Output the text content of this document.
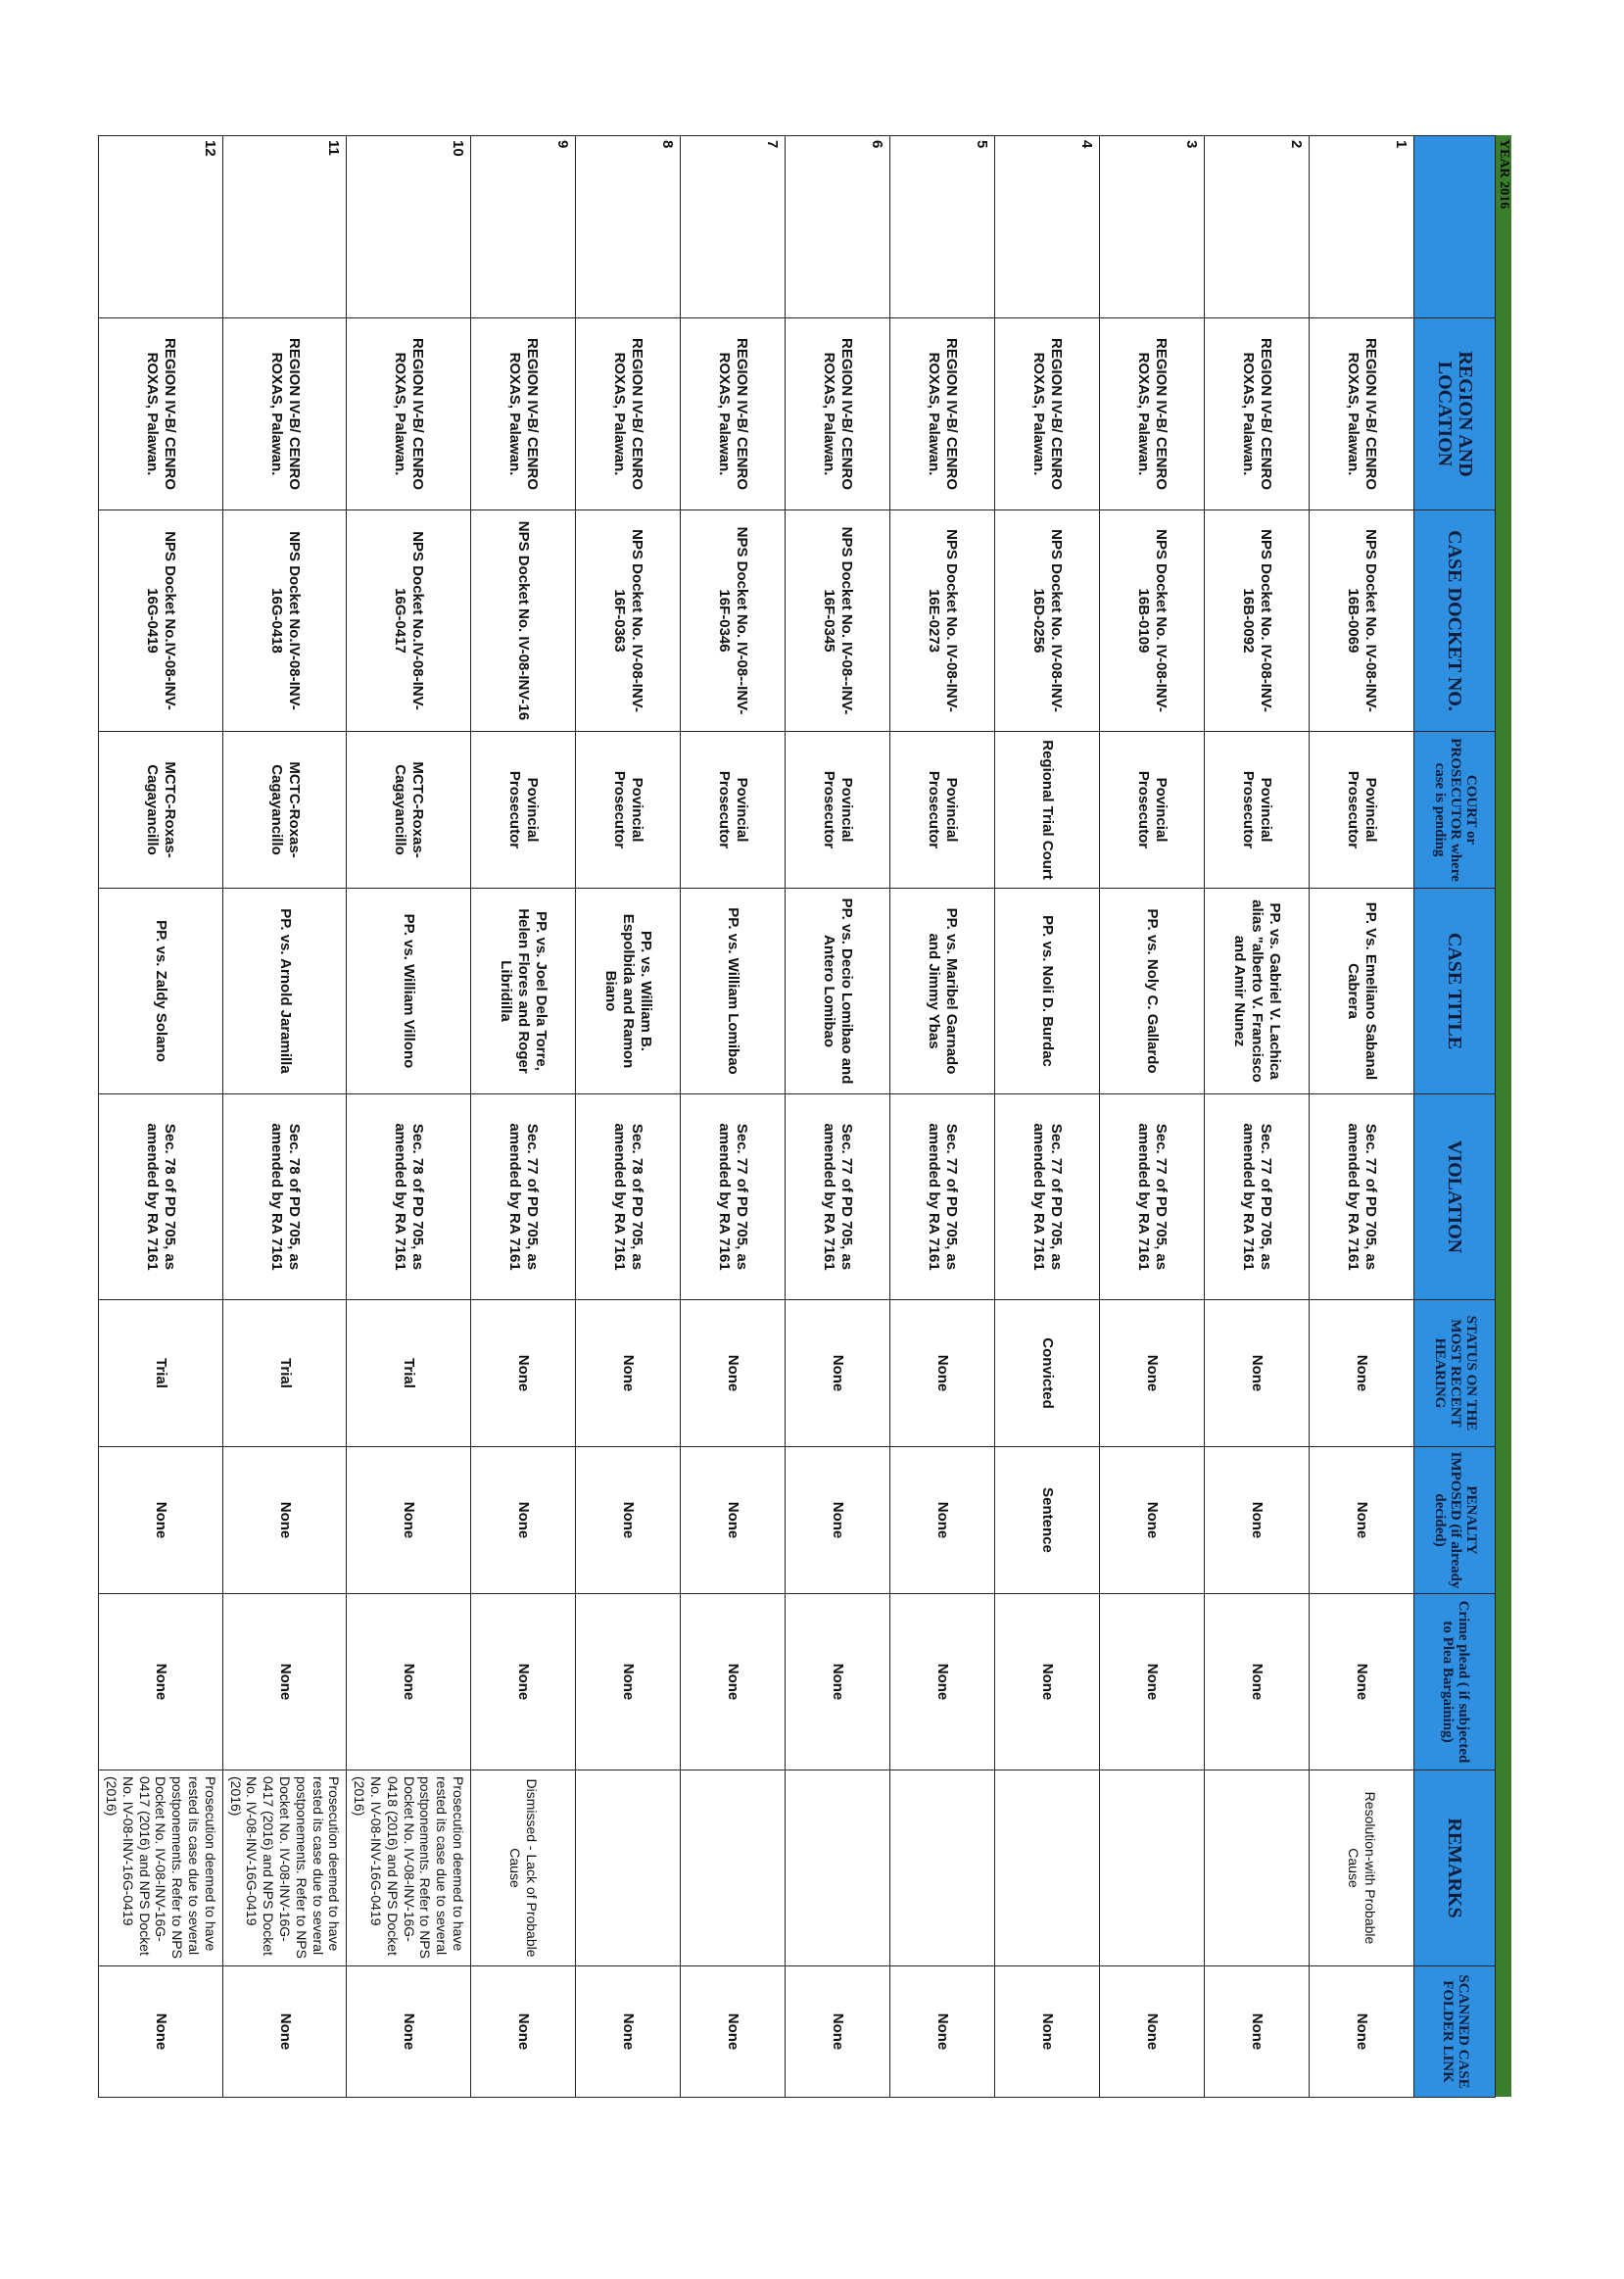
YEAR 2016
	REGION AND LOCATION	CASE DOCKET NO.	COURT or PROSECUTOR where case is pending	CASE TITLE	VIOLATION	STATUS ON THE MOST RECENT HEARING	PENALTY IMPOSED (if already decided)	Crime plead ( if subjected to Plea Bargaining)	REMARKS	SCANNED CASE FOLDER LINK
1	REGION IV-B/ CENRO ROXAS, Palawan.	NPS Docket No. IV-08-INV-16B-0069	Povincial Prosecutor	PP. Vs. Emeliano Sabanal Cabrera	Sec. 77 of PD 705, as amended by RA 7161	None	None	None	Resolution-with Probable Cause	None
2	REGION IV-B/ CENRO ROXAS, Palawan.	NPS Docket No. IV-08-INV-16B-0092	Povincial Prosecutor	PP. vs. Gabriel V. Lachica alias "alberto V. Francisco and Amir Nunez	Sec. 77 of PD 705, as amended by RA 7161	None	None	None		None
3	REGION IV-B/ CENRO ROXAS, Palawan.	NPS Docket No. IV-08-INV-16B-0109	Povincial Prosecutor	PP. vs. Noly C. Gallardo	Sec. 77 of PD 705, as amended by RA 7161	None	None	None		None
4	REGION IV-B/ CENRO ROXAS, Palawan.	NPS Docket No. IV-08-INV-16D-0256	Regional Trial Court	PP. vs. Noli D. Burdac	Sec. 77 of PD 705, as amended by RA 7161	Convicted	Sentence	None		None
5	REGION IV-B/ CENRO ROXAS, Palawan.	NPS Docket No. IV-08-INV-16E-0273	Povincial Prosecutor	PP. vs. Maribel Garnado and Jimmy Ybas	Sec. 77 of PD 705, as amended by RA 7161	None	None	None		None
6	REGION IV-B/ CENRO ROXAS, Palawan.	NPS Docket No. IV-08--INV-16F-0345	Povincial Prosecutor	PP. vs. Decio Lomibao and Antero Lomibao	Sec. 77 of PD 705, as amended by RA 7161	None	None	None		None
7	REGION IV-B/ CENRO ROXAS, Palawan.	NPS Docket No. IV-08--INV-16F-0346	Povincial Prosecutor	PP. vs. William Lomibao	Sec. 77 of PD 705, as amended by RA 7161	None	None	None		None
8	REGION IV-B/ CENRO ROXAS, Palawan.	NPS Docket No. IV-08-INV-16F-0363	Povincial Prosecutor	PP. vs. William B. Espolbida and Ramon Biano	Sec. 78 of PD 705, as amended by RA 7161	None	None	None		None
9	REGION IV-B/ CENRO ROXAS, Palawan.	NPS Docket No. IV-08-INV-16	Povincial Prosecutor	PP. vs. Joel Dela Torre, Helen Flores and Roger Libridilla	Sec. 77 of PD 705, as amended by RA 7161	None	None	None	Dismissed - Lack of Probable Cause	None
10	REGION IV-B/ CENRO ROXAS, Palawan.	NPS Docket No.IV-08-INV-16G-0417	MCTC-Roxas-Cagayancillo	PP. vs. William Villono	Sec. 78 of PD 705, as amended by RA 7161	Trial	None	None	Prosecution deemed to have rested its case due to several postponements. Refer to NPS Docket No. IV-08-INV-16G-0418 (2016) and NPS Docket No. IV-08-INV-16G-0419 (2016)	None
11	REGION IV-B/ CENRO ROXAS, Palawan.	NPS Docket No.IV-08-INV-16G-0418	MCTC-Roxas-Cagayancillo	PP. vs. Arnold Jaramilla	Sec. 78 of PD 705, as amended by RA 7161	Trial	None	None	Prosecution deemed to have rested its case due to several postponements. Refer to NPS Docket No. IV-08-INV-16G-0417 (2016) and NPS Docket No. IV-08-INV-16G-0419 (2016)	None
12	REGION IV-B/ CENRO ROXAS, Palawan.	NPS Docket No.IV-08-INV-16G-0419	MCTC-Roxas-Cagayancillo	PP. vs. Zaldy Solano	Sec. 78 of PD 705, as amended by RA 7161	Trial	None	None	Prosecution deemed to have rested its case due to several postponements. Refer to NPS Docket No. IV-08-INV-16G-0417 (2016) and NPS Docket No. IV-08-INV-16G-0419 (2016)	None
